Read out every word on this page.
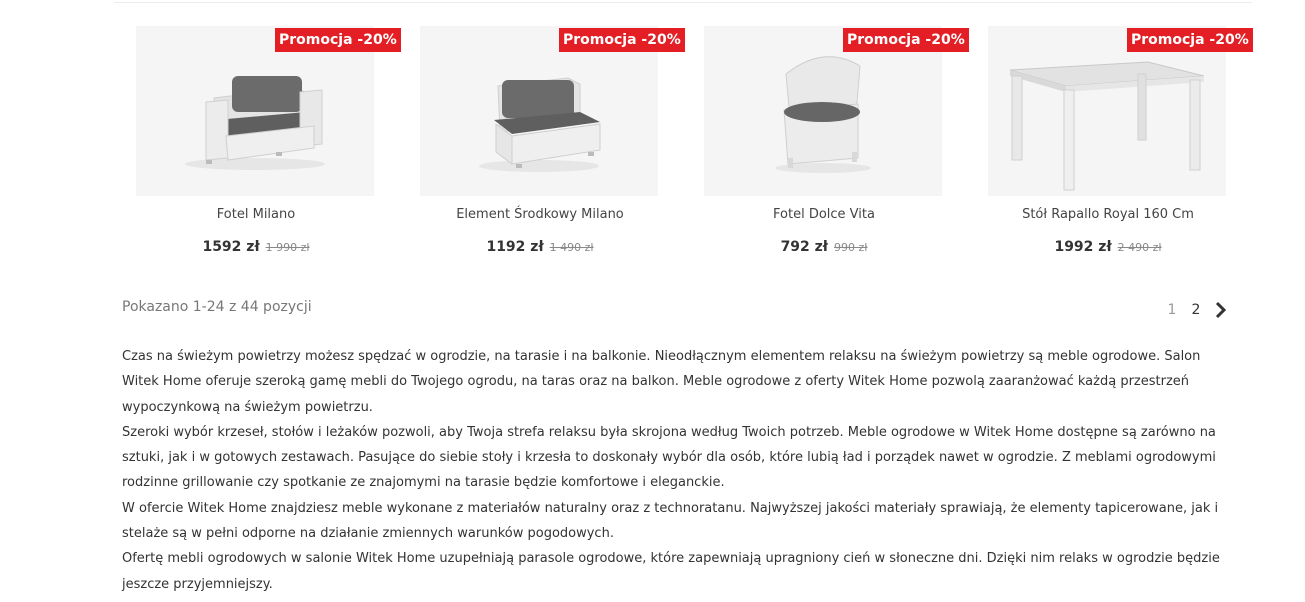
Promocja -20%
Fotel Milano
1592 zł 1 990 zł
Promocja -20%
Element Środkowy Milano
1192 zł 1 490 zł
Promocja -20%
Fotel Dolce Vita
792 zł 990 zł
Promocja -20%
Stół Rapallo Royal 160 Cm
1992 zł 2 490 zł
Pokazano 1-24 z 44 pozycji	1	2

Czas na świeżym powietrzy możesz spędzać w ogrodzie, na tarasie i na balkonie. Nieodłącznym elementem relaksu na świeżym powietrzy są meble ogrodowe. Salon Witek Home oferuje szeroką gamę mebli do Twojego ogrodu, na taras oraz na balkon. Meble ogrodowe z oferty Witek Home pozwolą zaaranżować każdą przestrzeń wypoczynkową na świeżym powietrzu.

Szeroki wybór krzeseł, stołów i leżaków pozwoli, aby Twoja strefa relaksu była skrojona według Twoich potrzeb. Meble ogrodowe w Witek Home dostępne są zarówno na sztuki, jak i w gotowych zestawach. Pasujące do siebie stoły i krzesła to doskonały wybór dla osób, które lubią ład i porządek nawet w ogrodzie. Z meblami ogrodowymi rodzinne grillowanie czy spotkanie ze znajomymi na tarasie będzie komfortowe i eleganckie.

W ofercie Witek Home znajdziesz meble wykonane z materiałów naturalny oraz z technoratanu. Najwyższej jakości materiały sprawiają, że elementy tapicerowane, jak i stelaże są w pełni odporne na działanie zmiennych warunków pogodowych.

Ofertę mebli ogrodowych w salonie Witek Home uzupełniają parasole ogrodowe, które zapewniają upragniony cień w słoneczne dni. Dzięki nim relaks w ogrodzie będzie jeszcze przyjemniejszy.
